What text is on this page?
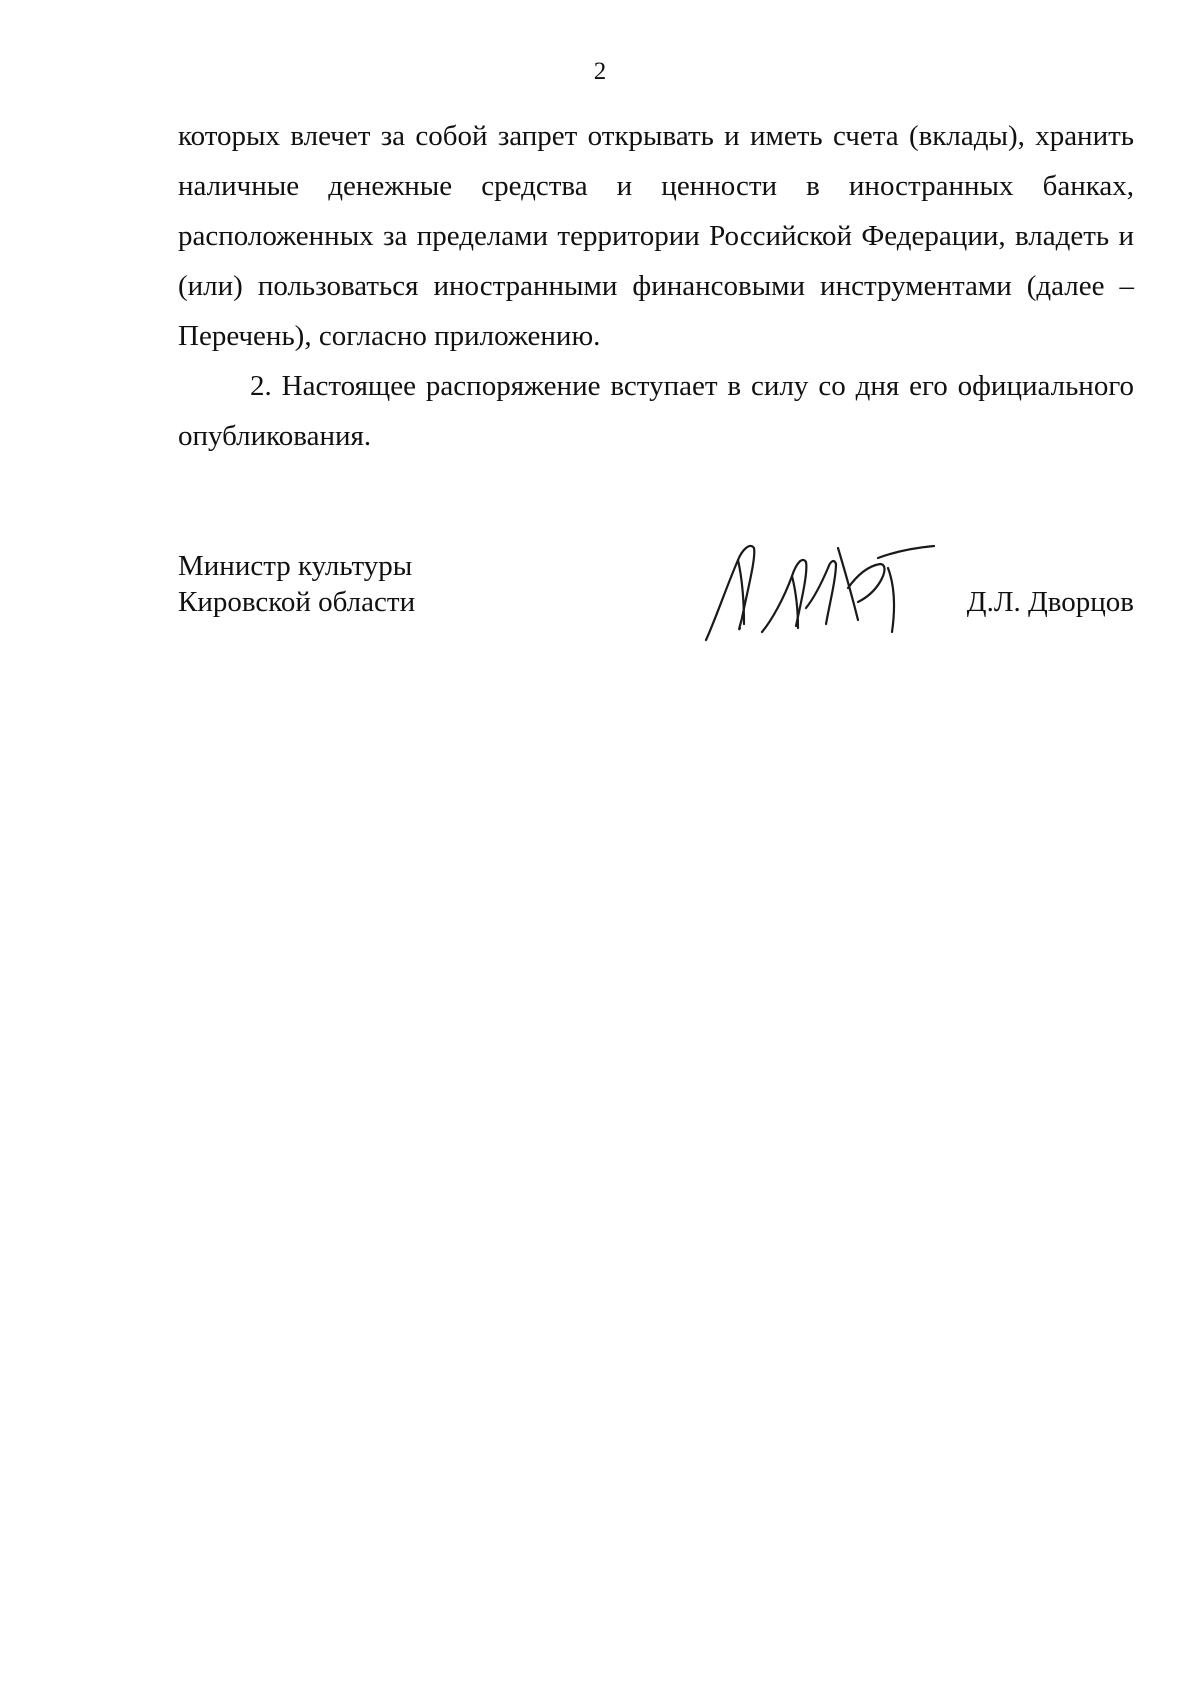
2

которых влечет за собой запрет открывать и иметь счета (вклады), хранить наличные денежные средства и ценности в иностранных банках, расположенных за пределами территории Российской Федерации, владеть и (или) пользоваться иностранными финансовыми инструментами (далее – Перечень), согласно приложению.

2. Настоящее распоряжение вступает в силу со дня его официального опубликования.

Министр культуры
Кировской области	Д.Л. Дворцов
